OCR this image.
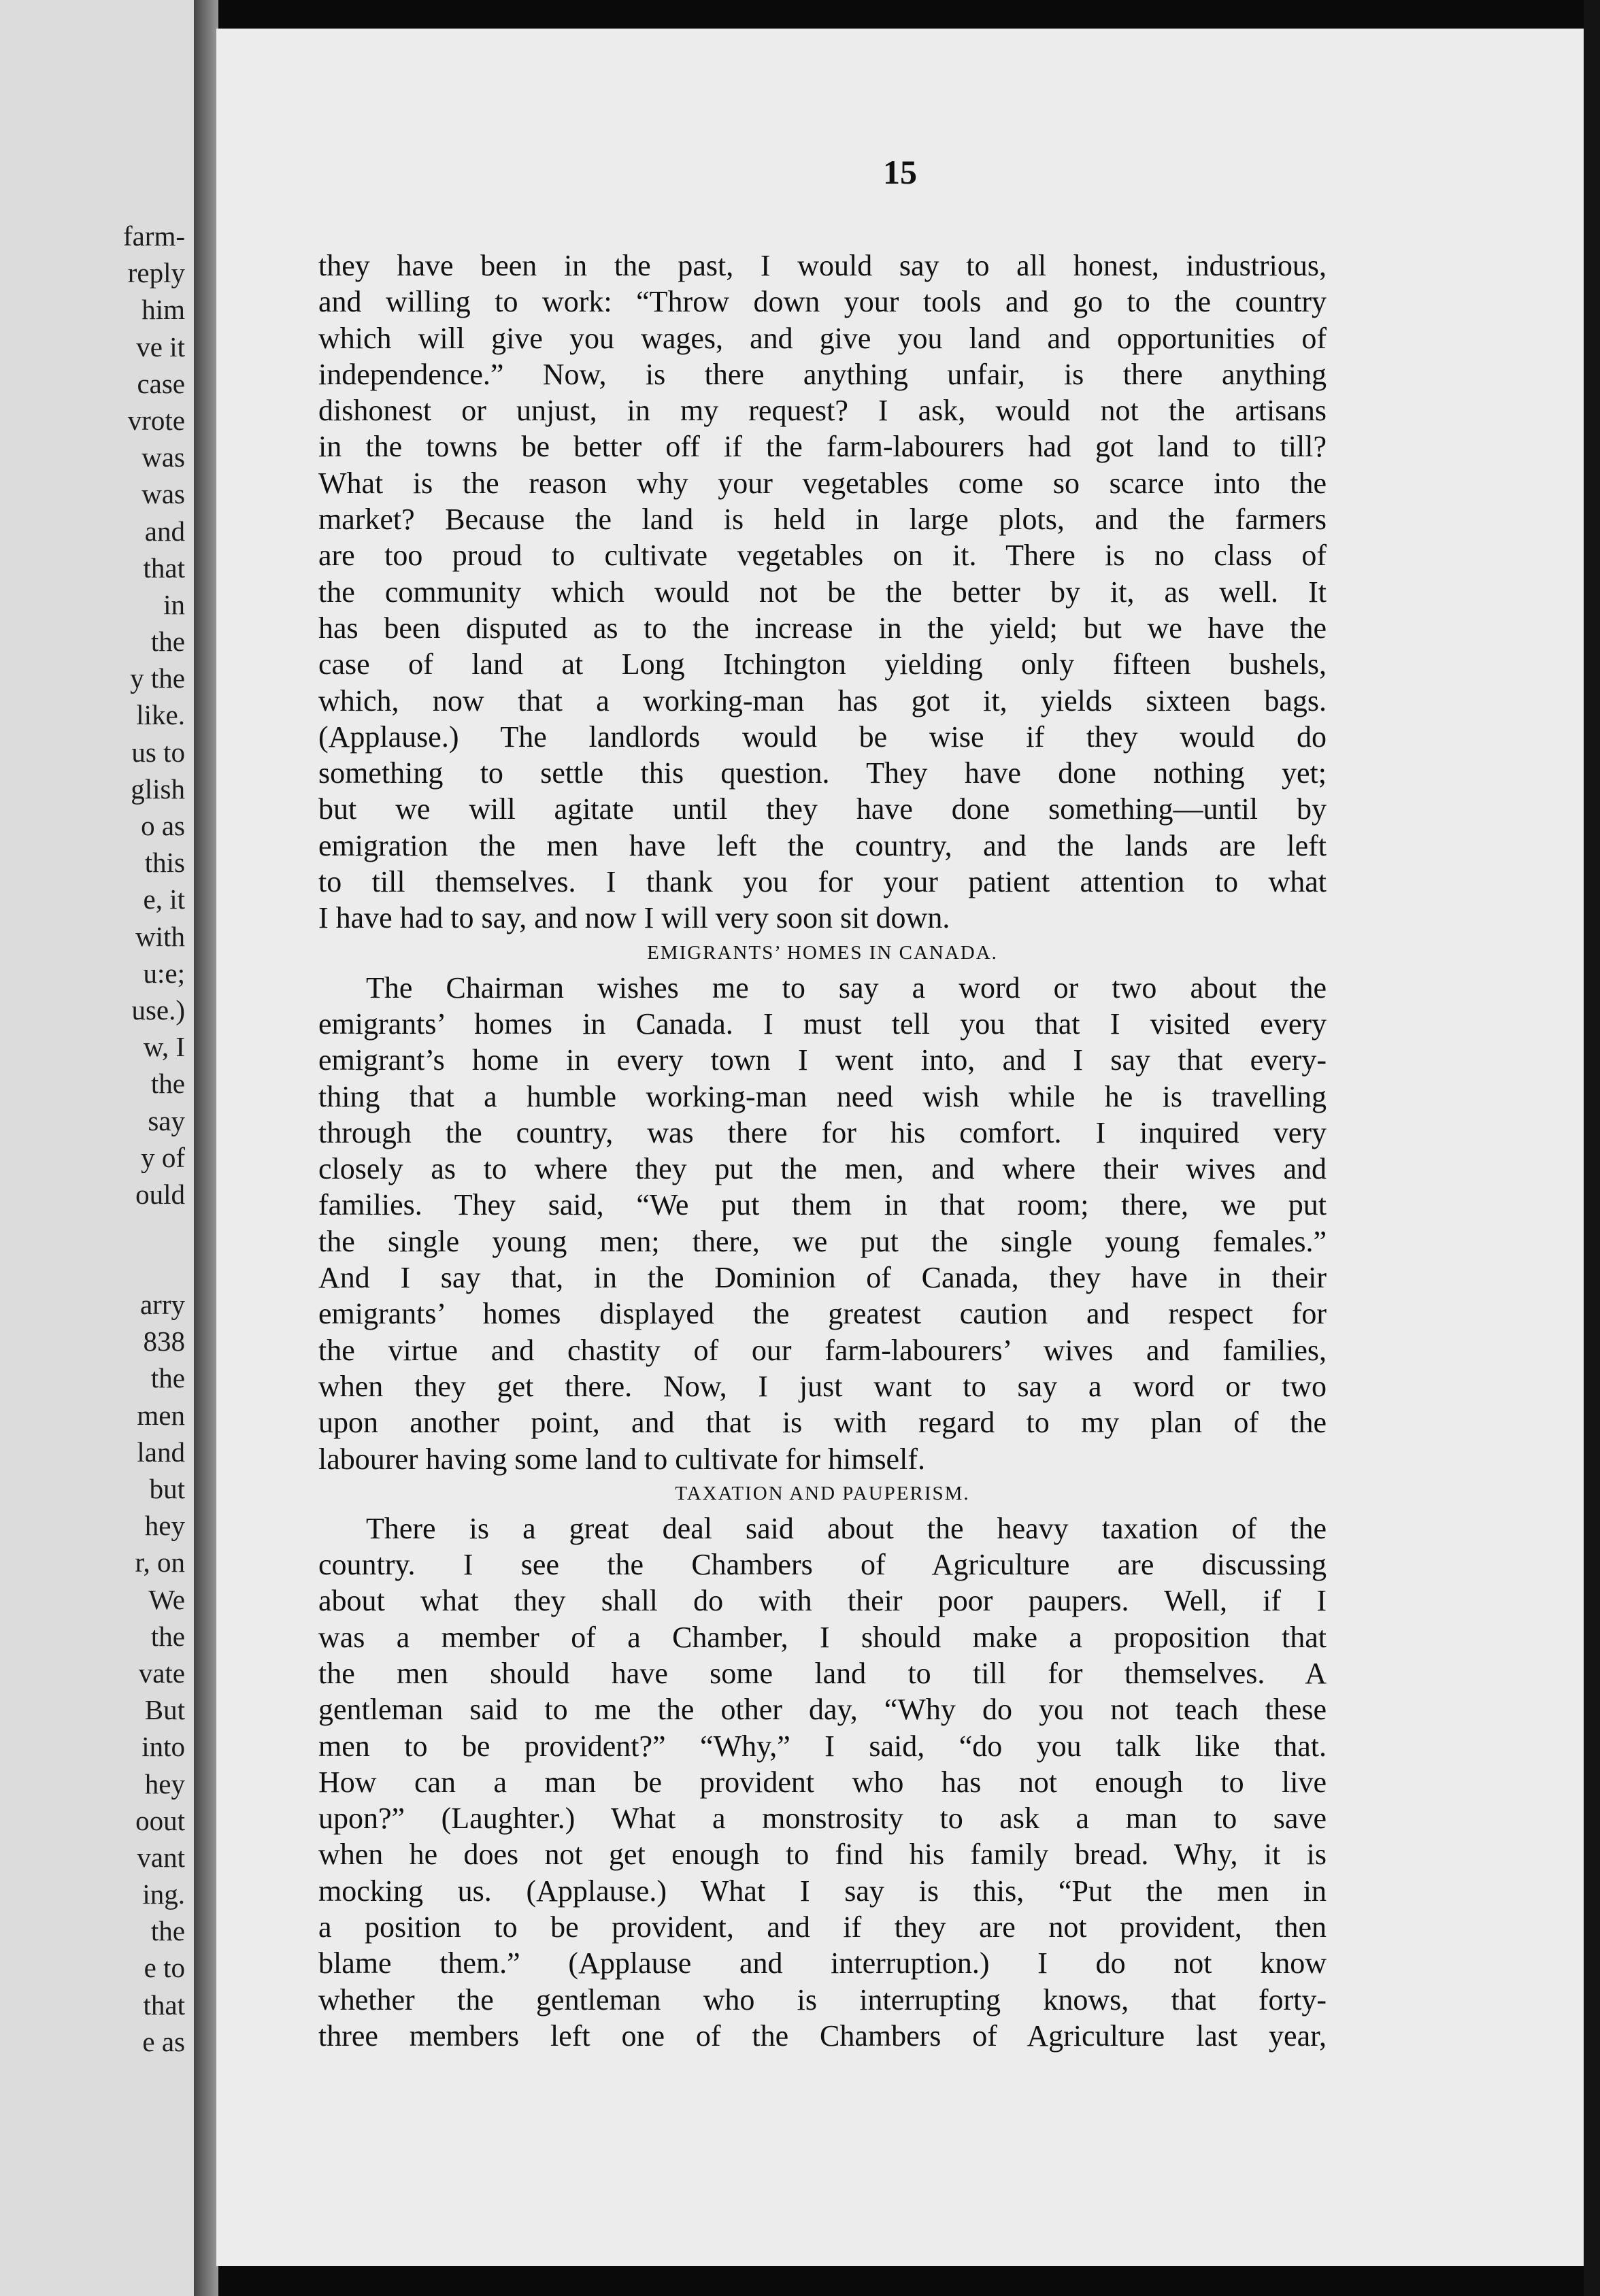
farm-
reply
him
ve it
case
vrote
was
was
and
that
in
the
y the
like.
us to
glish
o as
this
e, it
with
u:e;
use.)
w, I
the
say
y of
ould
arry
838
the
men
land
but
hey
r, on
We
the
vate
But
into
hey
oout
vant
ing.
the
e to
that
e as

15

they have been in the past, I would say to all honest, industrious,
and willing to work: “Throw down your tools and go to the country
which will give you wages, and give you land and opportunities of
independence.” Now, is there anything unfair, is there anything
dishonest or unjust, in my request? I ask, would not the artisans
in the towns be better off if the farm-labourers had got land to till?
What is the reason why your vegetables come so scarce into the
market? Because the land is held in large plots, and the farmers
are too proud to cultivate vegetables on it. There is no class of
the community which would not be the better by it, as well. It
has been disputed as to the increase in the yield; but we have the
case of land at Long Itchington yielding only fifteen bushels,
which, now that a working-man has got it, yields sixteen bags.
(Applause.) The landlords would be wise if they would do
something to settle this question. They have done nothing yet;
but we will agitate until they have done something—until by
emigration the men have left the country, and the lands are left
to till themselves. I thank you for your patient attention to what
I have had to say, and now I will very soon sit down.
EMIGRANTS’ HOMES IN CANADA.
The Chairman wishes me to say a word or two about the
emigrants’ homes in Canada. I must tell you that I visited every
emigrant’s home in every town I went into, and I say that every-
thing that a humble working-man need wish while he is travelling
through the country, was there for his comfort. I inquired very
closely as to where they put the men, and where their wives and
families. They said, “We put them in that room; there, we put
the single young men; there, we put the single young females.”
And I say that, in the Dominion of Canada, they have in their
emigrants’ homes displayed the greatest caution and respect for
the virtue and chastity of our farm-labourers’ wives and families,
when they get there. Now, I just want to say a word or two
upon another point, and that is with regard to my plan of the
labourer having some land to cultivate for himself.
TAXATION AND PAUPERISM.
There is a great deal said about the heavy taxation of the
country. I see the Chambers of Agriculture are discussing
about what they shall do with their poor paupers. Well, if I
was a member of a Chamber, I should make a proposition that
the men should have some land to till for themselves. A
gentleman said to me the other day, “Why do you not teach these
men to be provident?” “Why,” I said, “do you talk like that.
How can a man be provident who has not enough to live
upon?” (Laughter.) What a monstrosity to ask a man to save
when he does not get enough to find his family bread. Why, it is
mocking us. (Applause.) What I say is this, “Put the men in
a position to be provident, and if they are not provident, then
blame them.” (Applause and interruption.) I do not know
whether the gentleman who is interrupting knows, that forty-
three members left one of the Chambers of Agriculture last year,
